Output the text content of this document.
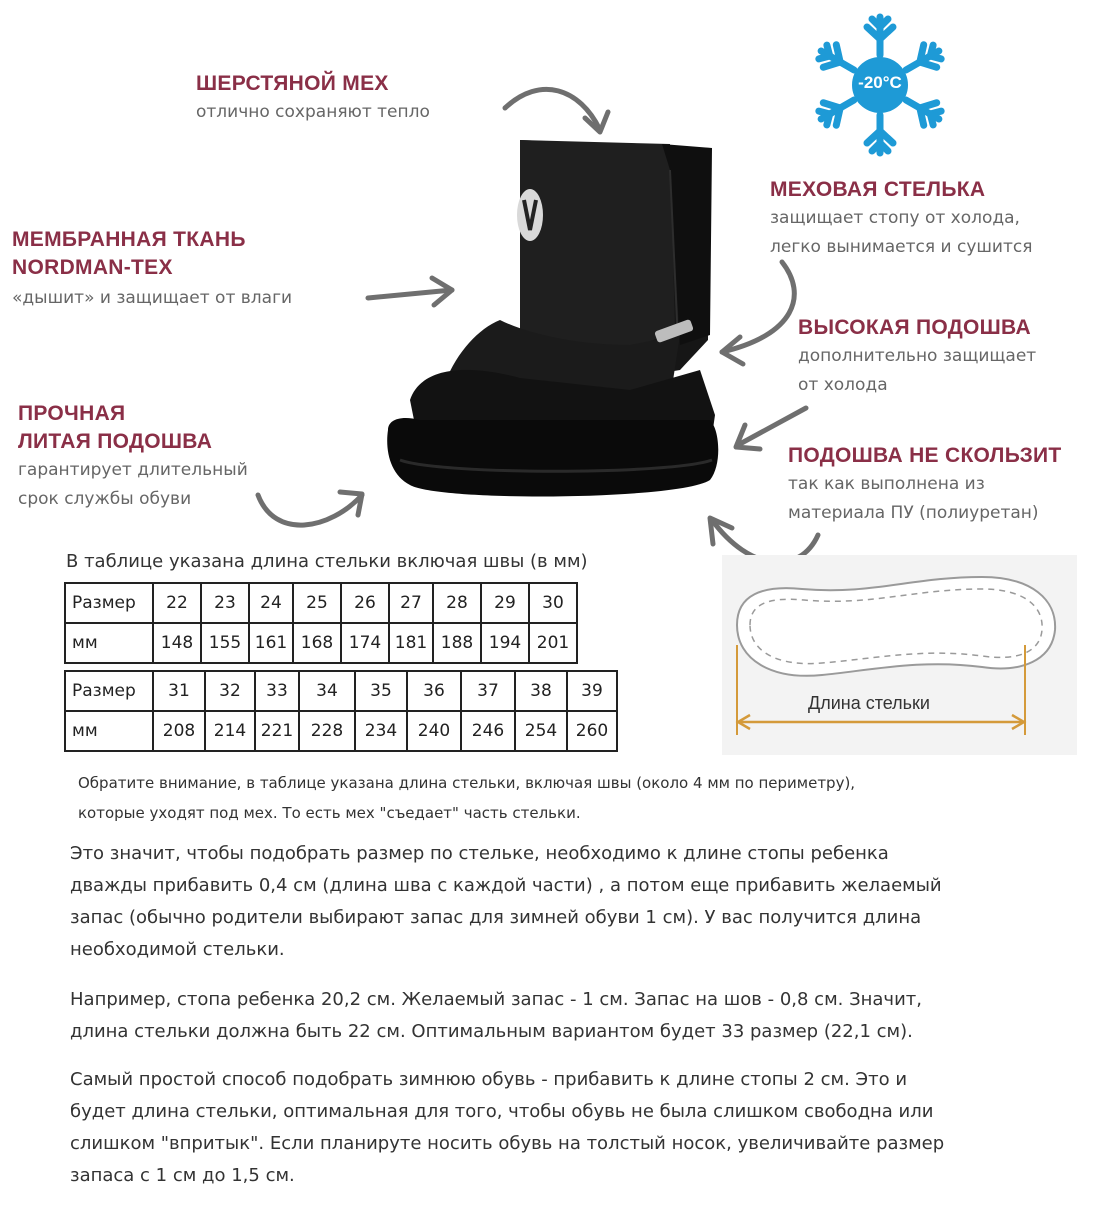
ШЕРСТЯНОЙ МЕХ
отлично сохраняют тепло
МЕМБРАННАЯ ТКАНЬ
NORDMAN-TEX
«дышит» и защищает от влаги
ПРОЧНАЯ
ЛИТАЯ ПОДОШВА
гарантирует длительный
срок службы обуви
МЕХОВАЯ СТЕЛЬКА
защищает стопу от холода,
легко вынимается и сушится
ВЫСОКАЯ ПОДОШВА
дополнительно защищает
от холода
ПОДОШВА НЕ СКОЛЬЗИТ
так как выполнена из
материала ПУ (полиуретан)
-20°С
В таблице указана длина стельки включая швы (в мм)
Размер	22	23	24	25	26	27	28	29	30
мм	148	155	161	168	174	181	188	194	201
Размер	31	32	33	34	35	36	37	38	39
мм	208	214	221	228	234	240	246	254	260
Длина стельки
Обратите внимание, в таблице указана длина стельки, включая швы (около 4 мм по периметру),
которые уходят под мех. То есть мех "съедает" часть стельки.
Это значит, чтобы подобрать размер по стельке, необходимо к длине стопы ребенка
дважды прибавить 0,4 см (длина шва с каждой части) , а потом еще прибавить желаемый
запас (обычно родители выбирают запас для зимней обуви 1 см). У вас получится длина
необходимой стельки.
Например, стопа ребенка 20,2 см. Желаемый запас - 1 см. Запас на шов - 0,8 см. Значит,
длина стельки должна быть 22 см. Оптимальным вариантом будет 33 размер (22,1 см).
Самый простой способ подобрать зимнюю обувь - прибавить к длине стопы 2 см. Это и
будет длина стельки, оптимальная для того, чтобы обувь не была слишком свободна или
слишком "впритык". Если планируте носить обувь на толстый носок, увеличивайте размер
запаса с 1 см до 1,5 см.
